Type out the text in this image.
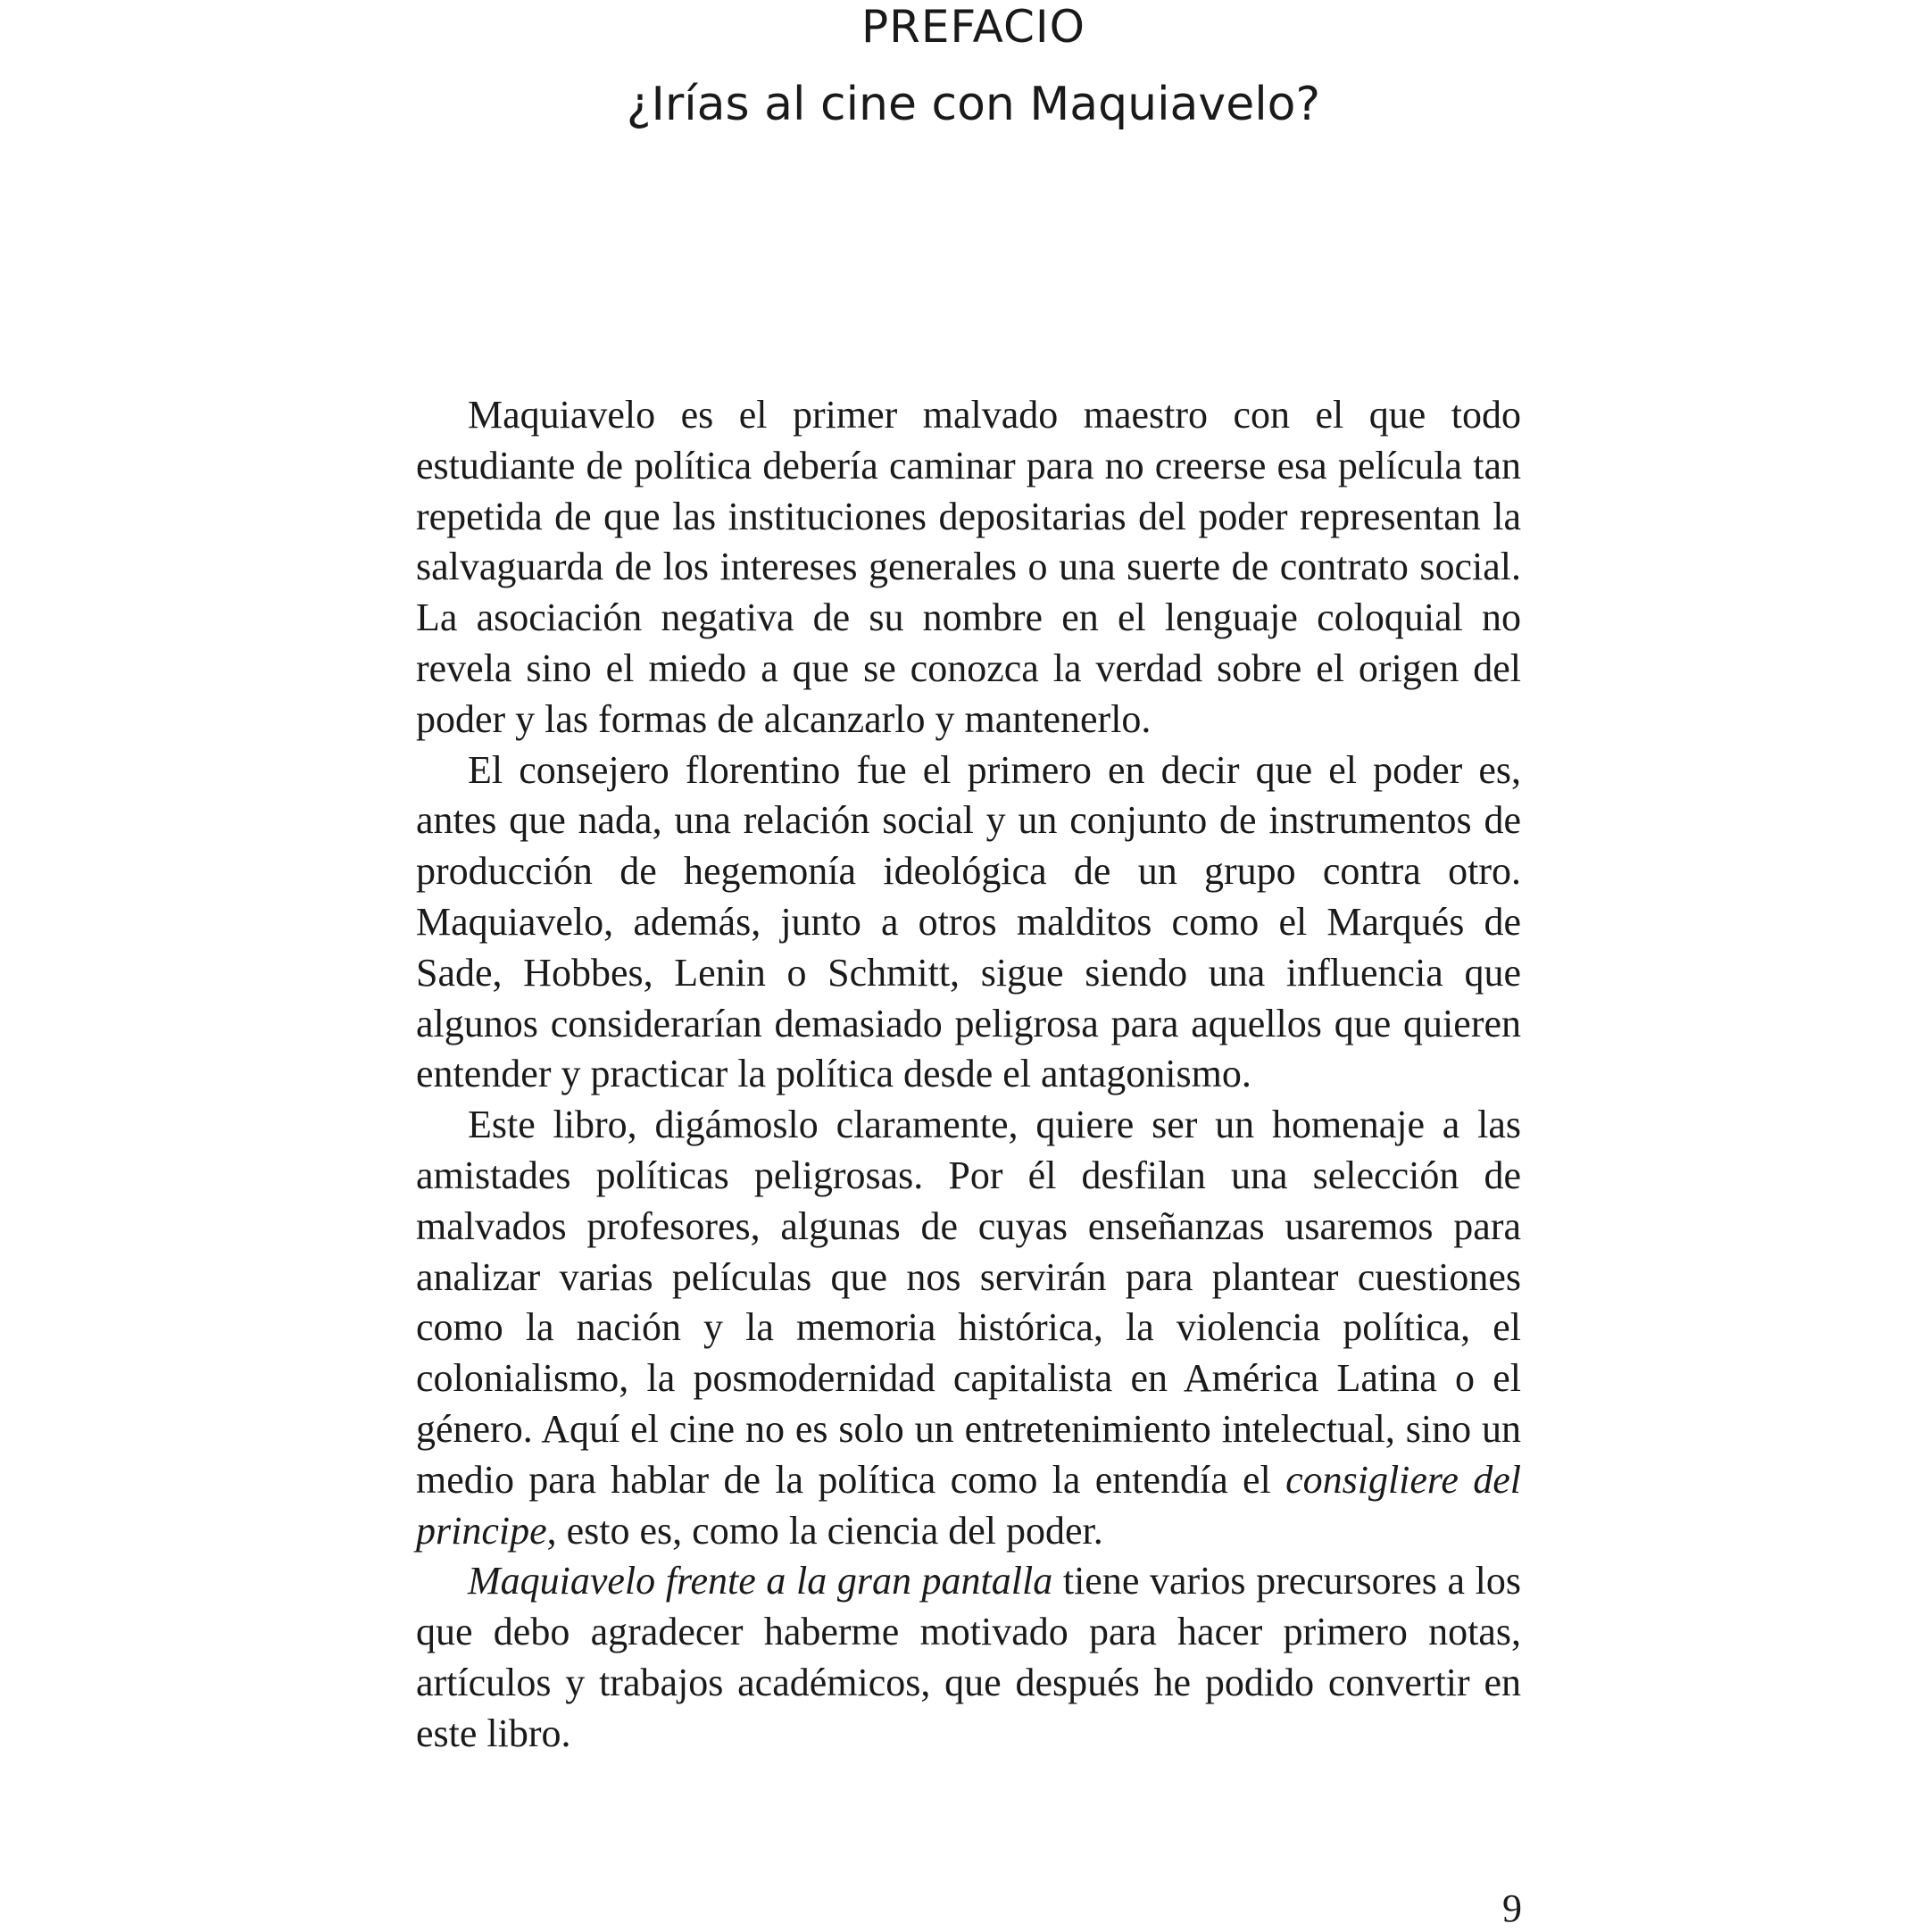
PREFACIO
¿Irías al cine con Maquiavelo?

Maquiavelo es el primer malvado maestro con el que todo estudiante de política debería caminar para no creerse esa película tan repetida de que las instituciones depositarias del poder representan la salvaguarda de los intereses generales o una suerte de contrato social. La asociación negativa de su nombre en el lenguaje coloquial no revela sino el miedo a que se conozca la verdad sobre el origen del poder y las formas de alcanzarlo y mantenerlo.

El consejero florentino fue el primero en decir que el poder es, antes que nada, una relación social y un conjunto de instrumentos de producción de hegemonía ideológica de un grupo contra otro. Maquiavelo, además, junto a otros malditos como el Marqués de Sade, Hobbes, Lenin o Schmitt, sigue siendo una influencia que algunos considerarían demasiado peligrosa para aquellos que quieren entender y practicar la política desde el antagonismo.

Este libro, digámoslo claramente, quiere ser un homenaje a las amistades políticas peligrosas. Por él desfilan una selección de malvados profesores, algunas de cuyas enseñanzas usaremos para analizar varias películas que nos servirán para plantear cuestiones como la nación y la memoria histórica, la violencia política, el colonialismo, la posmodernidad capitalista en América Latina o el género. Aquí el cine no es solo un entretenimiento intelectual, sino un medio para hablar de la política como la entendía el consigliere del principe, esto es, como la ciencia del poder.

Maquiavelo frente a la gran pantalla tiene varios precursores a los que debo agradecer haberme motivado para hacer primero notas, artículos y trabajos académicos, que después he podido convertir en este libro.

9
